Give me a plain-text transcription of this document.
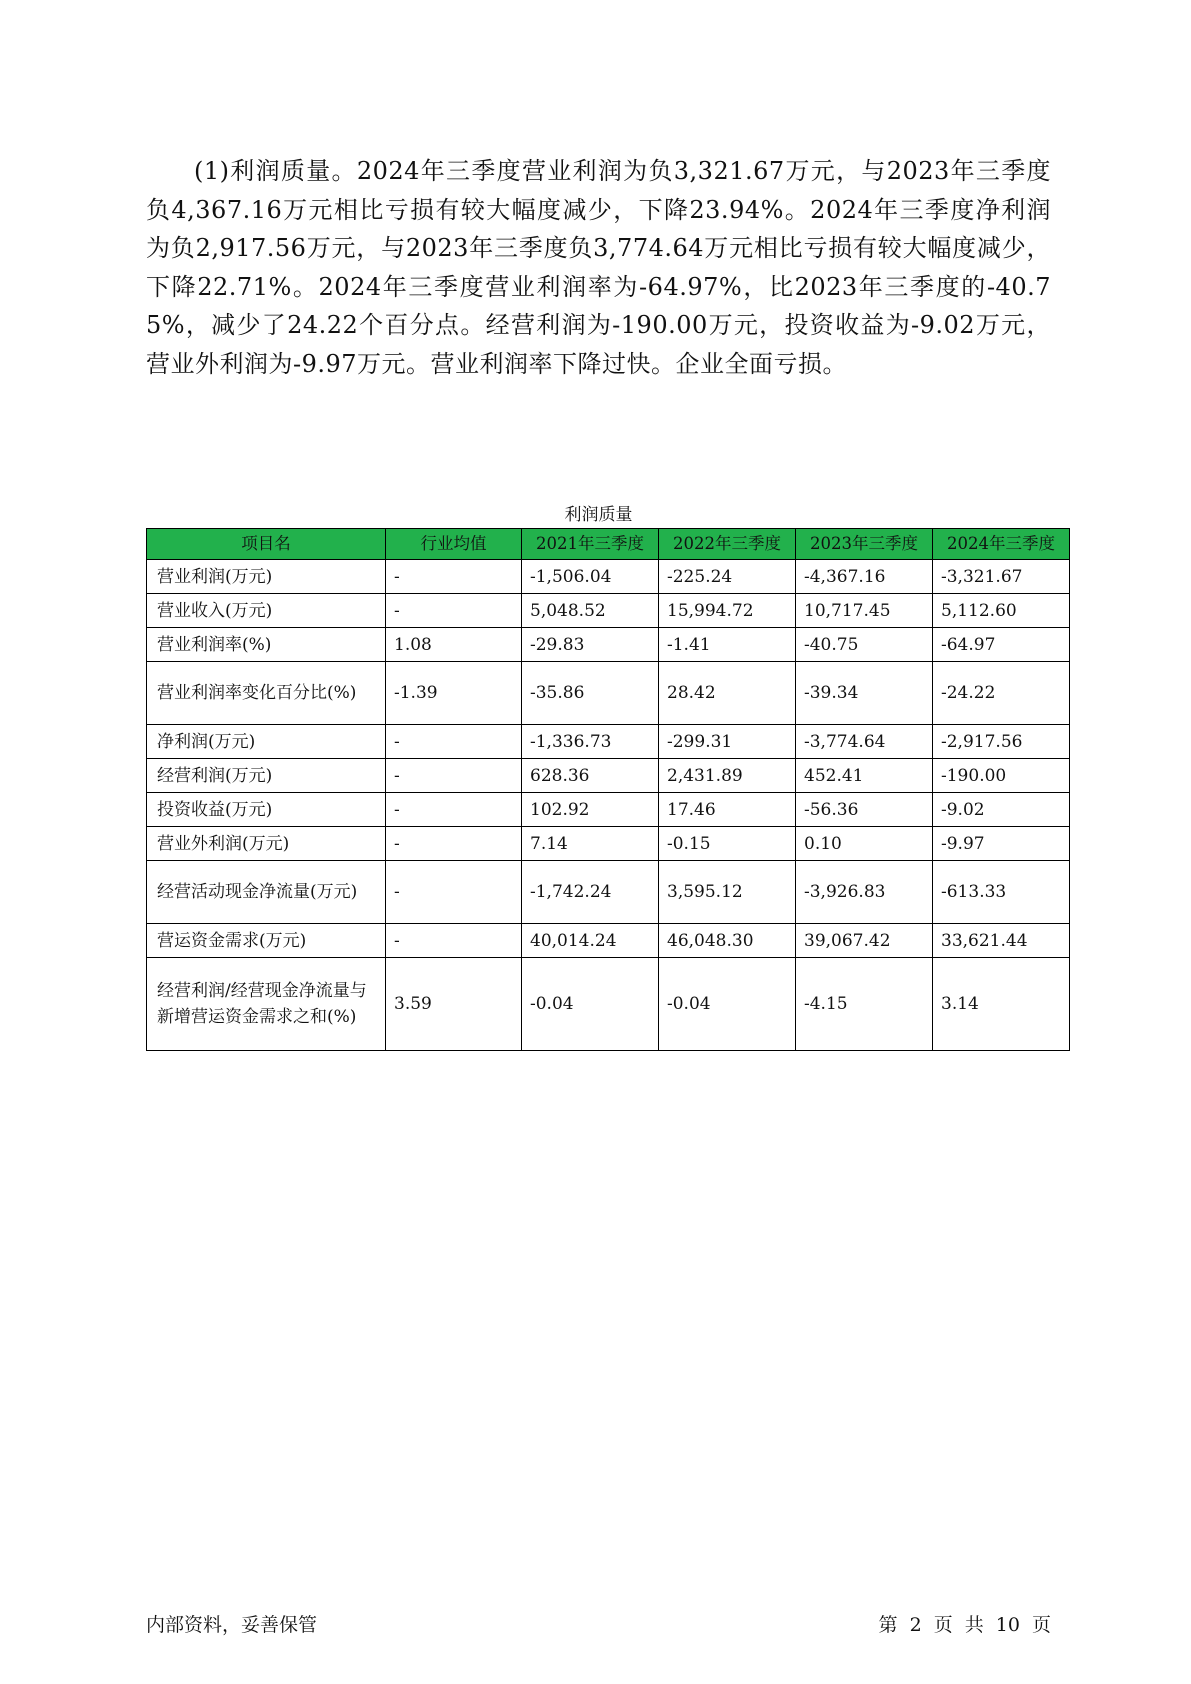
(1)利润质量。2024年三季度营业利润为负3,321.67万元，与2023年三季度负4,367.16万元相比亏损有较大幅度减少，下降23.94%。2024年三季度净利润为负2,917.56万元，与2023年三季度负3,774.64万元相比亏损有较大幅度减少，下降22.71%。2024年三季度营业利润率为-64.97%，比2023年三季度的-40.75%，减少了24.22个百分点。经营利润为-190.00万元，投资收益为-9.02万元，营业外利润为-9.97万元。营业利润率下降过快。企业全面亏损。

利润质量

项目名	行业均值	2021年三季度	2022年三季度	2023年三季度	2024年三季度
营业利润(万元)	-	-1,506.04	-225.24	-4,367.16	-3,321.67
营业收入(万元)	-	5,048.52	15,994.72	10,717.45	5,112.60
营业利润率(%)	1.08	-29.83	-1.41	-40.75	-64.97
营业利润率变化百分比(%)	-1.39	-35.86	28.42	-39.34	-24.22
净利润(万元)	-	-1,336.73	-299.31	-3,774.64	-2,917.56
经营利润(万元)	-	628.36	2,431.89	452.41	-190.00
投资收益(万元)	-	102.92	17.46	-56.36	-9.02
营业外利润(万元)	-	7.14	-0.15	0.10	-9.97
经营活动现金净流量(万元)	-	-1,742.24	3,595.12	-3,926.83	-613.33
营运资金需求(万元)	-	40,014.24	46,048.30	39,067.42	33,621.44
经营利润/经营现金净流量与新增营运资金需求之和(%)	3.59	-0.04	-0.04	-4.15	3.14

内部资料，妥善保管	第 2 页 共 10 页
